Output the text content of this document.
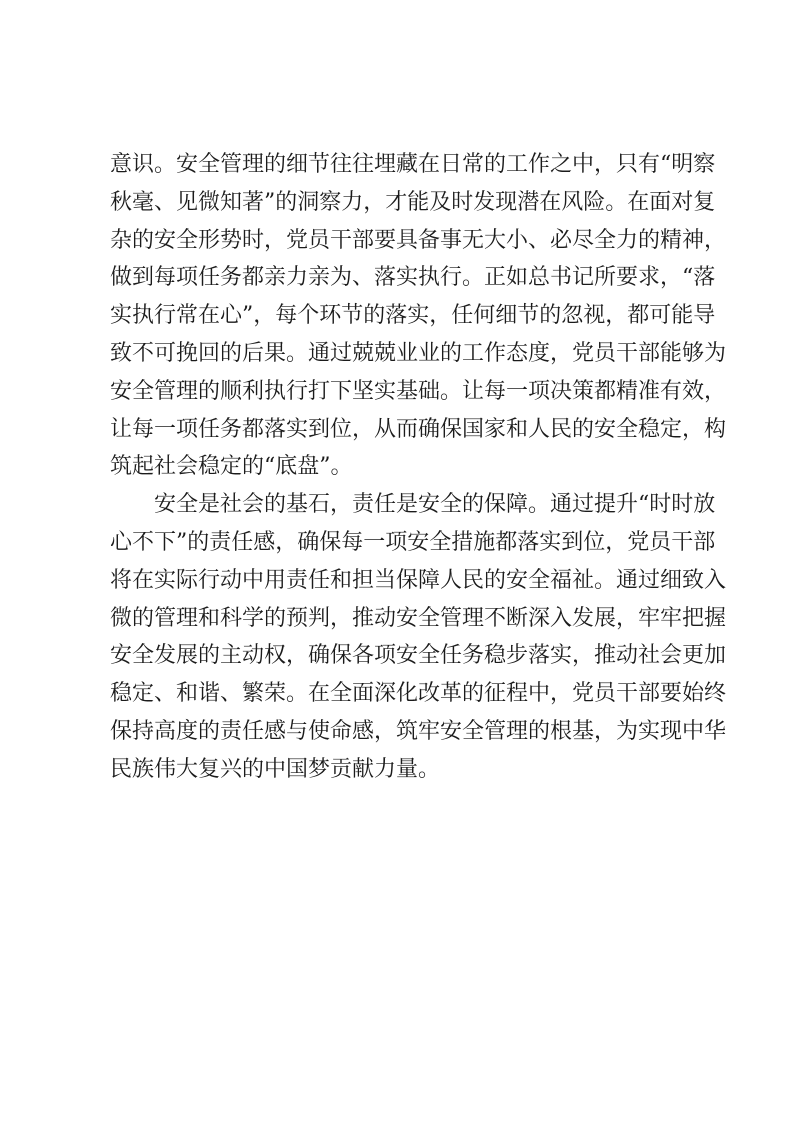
意识。安全管理的细节往往埋藏在日常的工作之中，只有“明察
秋毫、见微知著”的洞察力，才能及时发现潜在风险。在面对复
杂的安全形势时，党员干部要具备事无大小、必尽全力的精神，
做到每项任务都亲力亲为、落实执行。正如总书记所要求，“落
实执行常在心”，每个环节的落实，任何细节的忽视，都可能导
致不可挽回的后果。通过兢兢业业的工作态度，党员干部能够为
安全管理的顺利执行打下坚实基础。让每一项决策都精准有效，
让每一项任务都落实到位，从而确保国家和人民的安全稳定，构
筑起社会稳定的“底盘”。
安全是社会的基石，责任是安全的保障。通过提升“时时放
心不下”的责任感，确保每一项安全措施都落实到位，党员干部
将在实际行动中用责任和担当保障人民的安全福祉。通过细致入
微的管理和科学的预判，推动安全管理不断深入发展，牢牢把握
安全发展的主动权，确保各项安全任务稳步落实，推动社会更加
稳定、和谐、繁荣。在全面深化改革的征程中，党员干部要始终
保持高度的责任感与使命感，筑牢安全管理的根基，为实现中华
民族伟大复兴的中国梦贡献力量。
